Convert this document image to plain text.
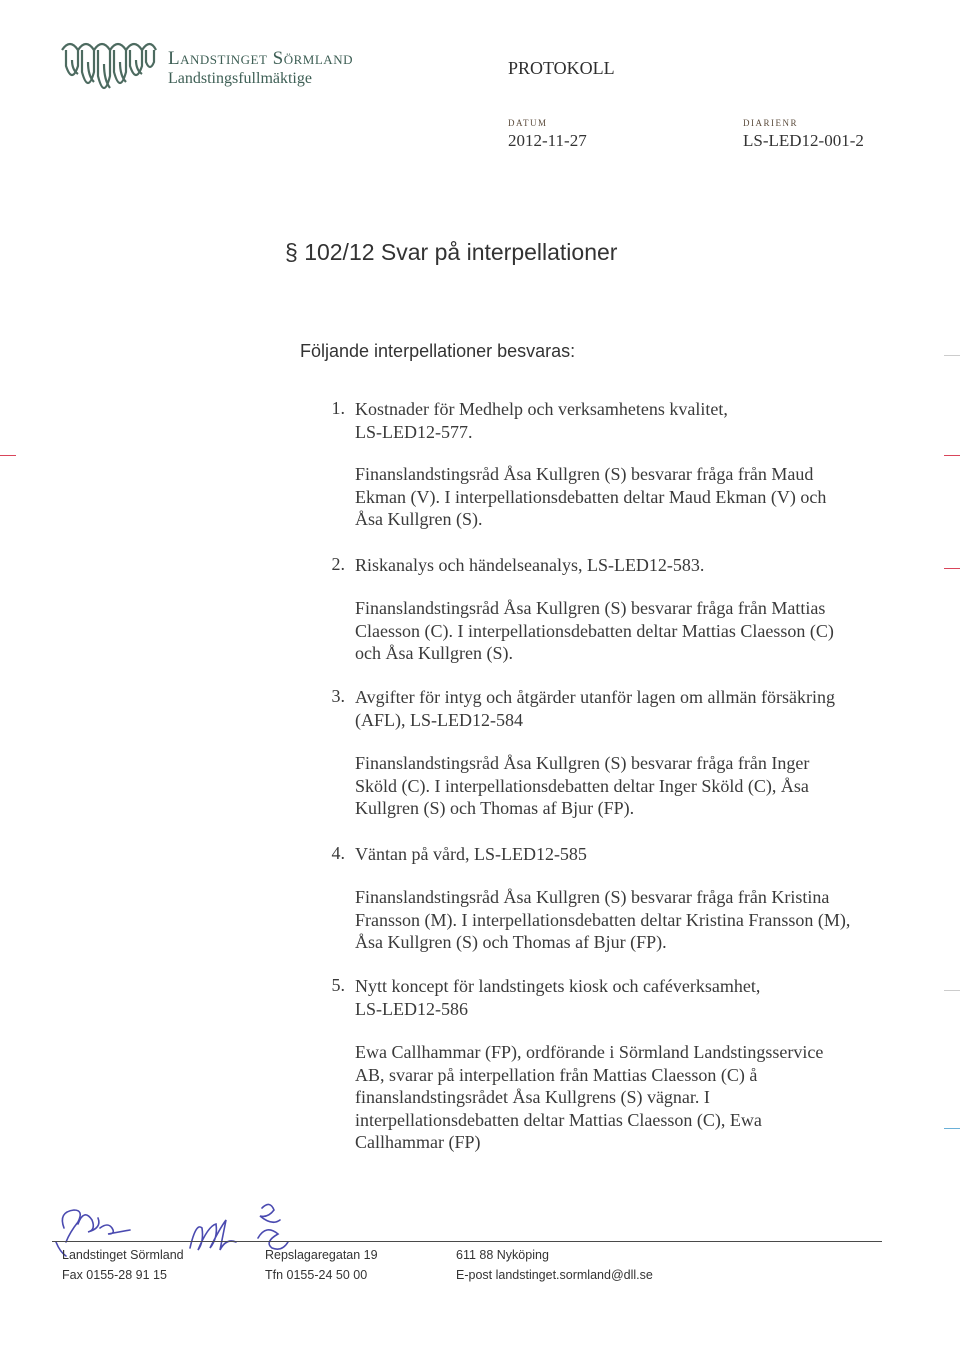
Landstinget Sörmland
Landstingsfullmäktige
PROTOKOLL
DATUM
2012-11-27
DIARIENR
LS-LED12-001-2
§ 102/12 Svar på interpellationer
Följande interpellationer besvaras:
1. Kostnader för Medhelp och verksamhetens kvalitet,
LS-LED12-577.
Finanslandstingsråd Åsa Kullgren (S) besvarar fråga från Maud
Ekman (V). I interpellationsdebatten deltar Maud Ekman (V) och
Åsa Kullgren (S).
2. Riskanalys och händelseanalys, LS-LED12-583.
Finanslandstingsråd Åsa Kullgren (S) besvarar fråga från Mattias
Claesson (C). I interpellationsdebatten deltar Mattias Claesson (C)
och Åsa Kullgren (S).
3. Avgifter för intyg och åtgärder utanför lagen om allmän försäkring
(AFL), LS-LED12-584
Finanslandstingsråd Åsa Kullgren (S) besvarar fråga från Inger
Sköld (C). I interpellationsdebatten deltar Inger Sköld (C), Åsa
Kullgren (S) och Thomas af Bjur (FP).
4. Väntan på vård, LS-LED12-585
Finanslandstingsråd Åsa Kullgren (S) besvarar fråga från Kristina
Fransson (M). I interpellationsdebatten deltar Kristina Fransson (M),
Åsa Kullgren (S) och Thomas af Bjur (FP).
5. Nytt koncept för landstingets kiosk och caféverksamhet,
LS-LED12-586
Ewa Callhammar (FP), ordförande i Sörmland Landstingsservice
AB, svarar på interpellation från Mattias Claesson (C) å
finanslandstingsrådet Åsa Kullgrens (S) vägnar. I
interpellationsdebatten deltar Mattias Claesson (C), Ewa
Callhammar (FP)
Landstinget Sörmland
Fax 0155-28 91 15
Repslagaregatan 19
Tfn 0155-24 50 00
611 88 Nyköping
E-post landstinget.sormland@dll.se
